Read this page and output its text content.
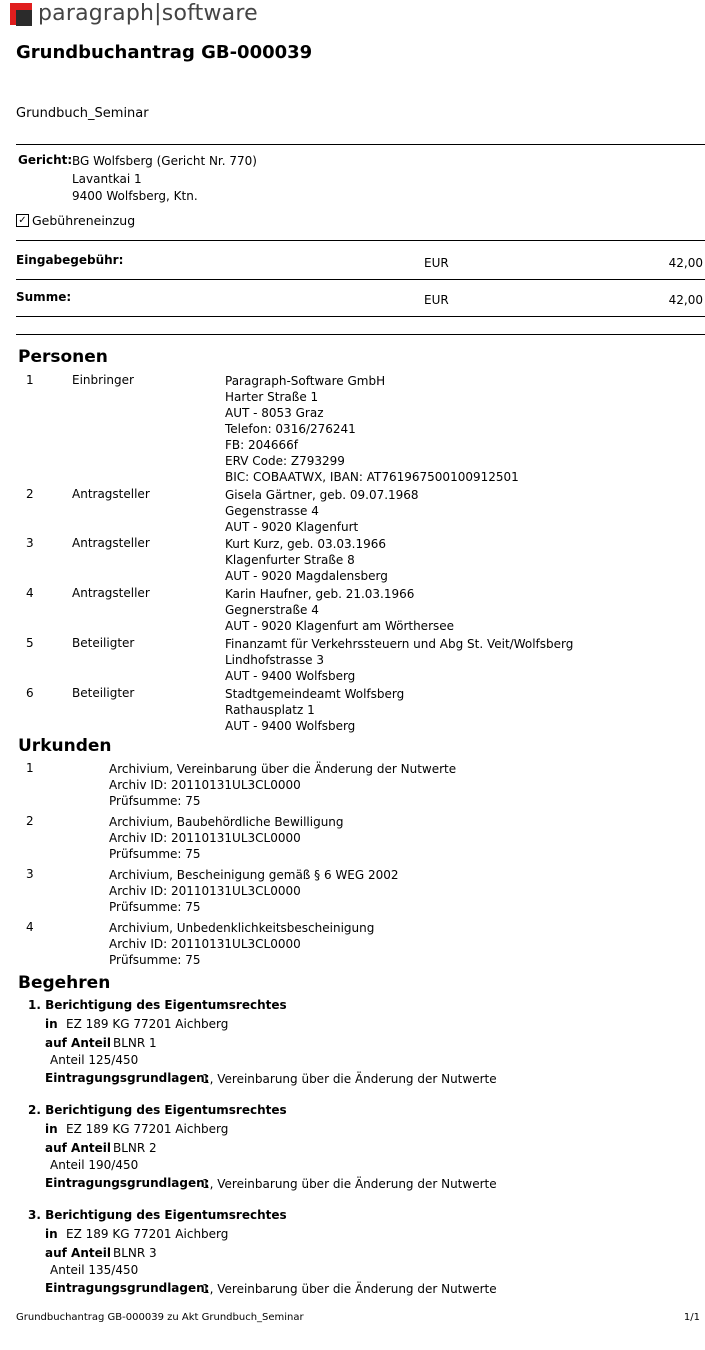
paragraph|software
Grundbuchantrag GB-000039
Grundbuch_Seminar
Gericht: BG Wolfsberg (Gericht Nr. 770)
Lavantkai 1
9400 Wolfsberg, Ktn.
✓ Gebühreneinzug
Eingabegebühr:	EUR	42,00
Summe:	EUR	42,00
Personen
1	Einbringer	Paragraph-Software GmbH
Harter Straße 1
AUT - 8053 Graz
Telefon: 0316/276241
FB: 204666f
ERV Code: Z793299
BIC: COBAATWX, IBAN: AT761967500100912501
2	Antragsteller	Gisela Gärtner, geb. 09.07.1968
Gegenstrasse 4
AUT - 9020 Klagenfurt
3	Antragsteller	Kurt Kurz, geb. 03.03.1966
Klagenfurter Straße 8
AUT - 9020 Magdalensberg
4	Antragsteller	Karin Haufner, geb. 21.03.1966
Gegnerstraße 4
AUT - 9020 Klagenfurt am Wörthersee
5	Beteiligter	Finanzamt für Verkehrssteuern und Abg St. Veit/Wolfsberg
Lindhofstrasse 3
AUT - 9400 Wolfsberg
6	Beteiligter	Stadtgemeindeamt Wolfsberg
Rathausplatz 1
AUT - 9400 Wolfsberg
Urkunden
1	Archivium, Vereinbarung über die Änderung der Nutwerte
Archiv ID: 20110131UL3CL0000
Prüfsumme: 75
2	Archivium, Baubehördliche Bewilligung
Archiv ID: 20110131UL3CL0000
Prüfsumme: 75
3	Archivium, Bescheinigung gemäß § 6 WEG 2002
Archiv ID: 20110131UL3CL0000
Prüfsumme: 75
4	Archivium, Unbedenklichkeitsbescheinigung
Archiv ID: 20110131UL3CL0000
Prüfsumme: 75
Begehren
1. Berichtigung des Eigentumsrechtes
in EZ 189 KG 77201 Aichberg
auf Anteil BLNR 1
Anteil 125/450
Eintragungsgrundlagen:
1, Vereinbarung über die Änderung der Nutwerte
2. Berichtigung des Eigentumsrechtes
in EZ 189 KG 77201 Aichberg
auf Anteil BLNR 2
Anteil 190/450
Eintragungsgrundlagen:
1, Vereinbarung über die Änderung der Nutwerte
3. Berichtigung des Eigentumsrechtes
in EZ 189 KG 77201 Aichberg
auf Anteil BLNR 3
Anteil 135/450
Eintragungsgrundlagen:
1, Vereinbarung über die Änderung der Nutwerte
Grundbuchantrag GB-000039 zu Akt Grundbuch_Seminar	1/1
